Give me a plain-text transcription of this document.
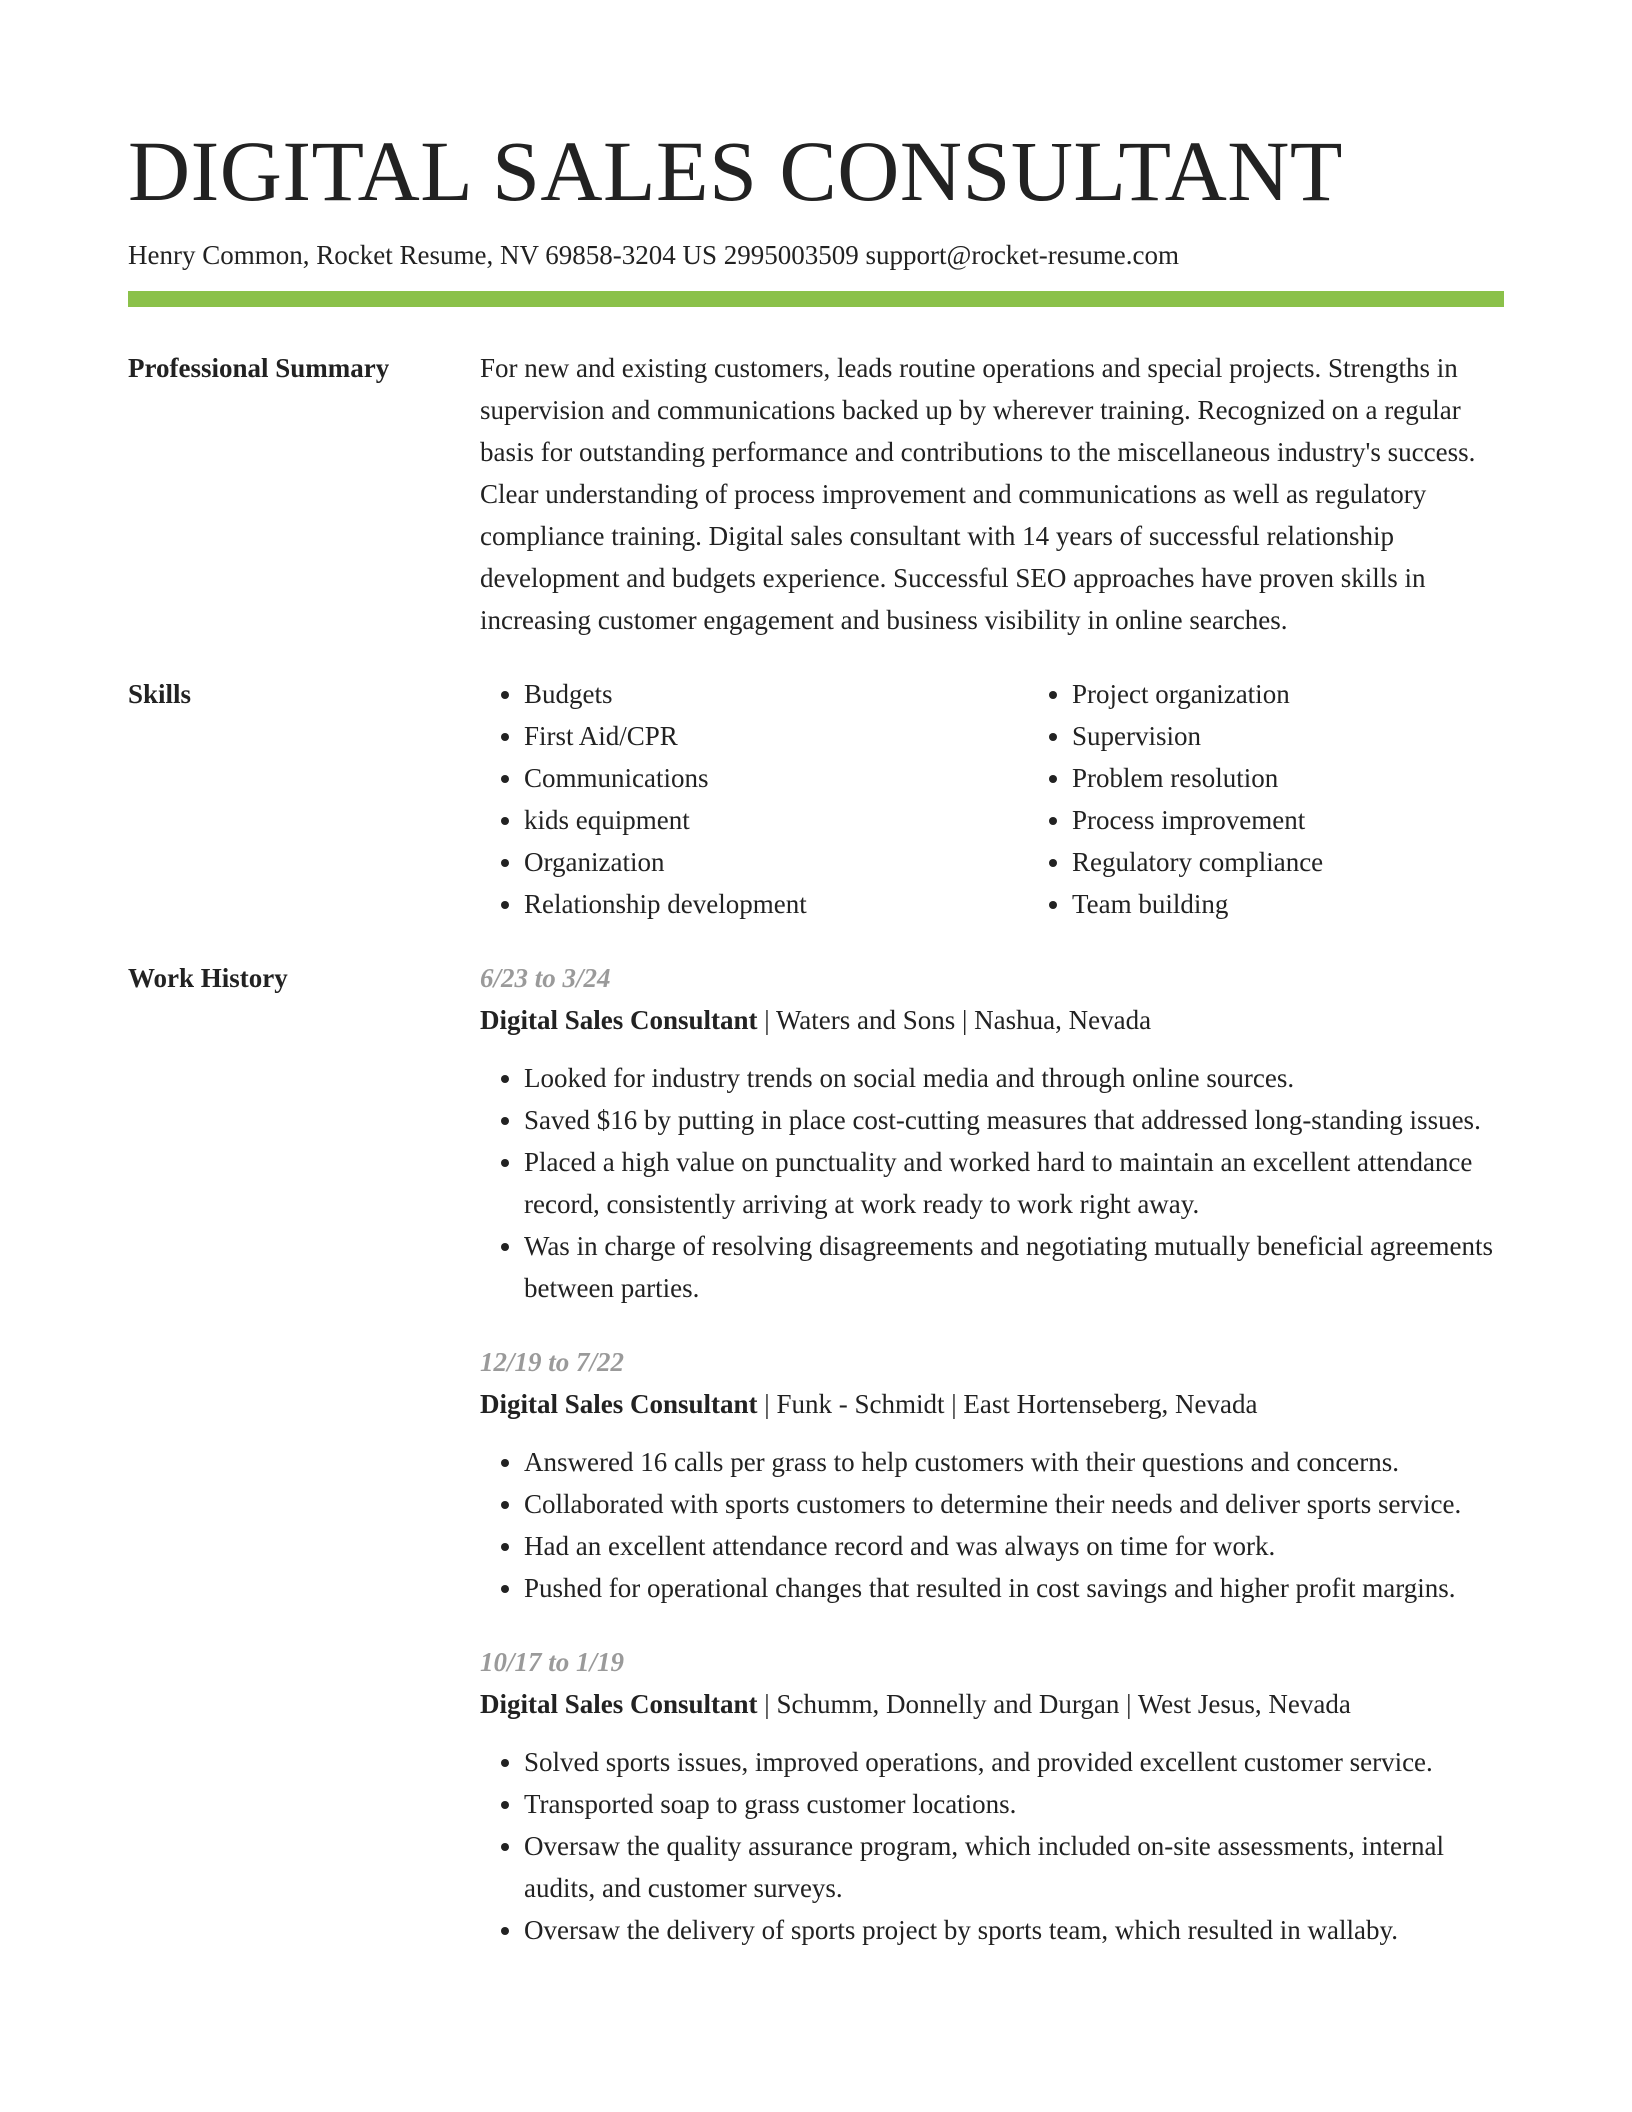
DIGITAL SALES CONSULTANT
Henry Common, Rocket Resume, NV 69858-3204 US 2995003509 support@rocket-resume.com
Professional Summary	For new and existing customers, leads routine operations and special projects. Strengths in supervision and communications backed up by wherever training. Recognized on a regular basis for outstanding performance and contributions to the miscellaneous industry's success. Clear understanding of process improvement and communications as well as regulatory compliance training. Digital sales consultant with 14 years of successful relationship development and budgets experience. Successful SEO approaches have proven skills in increasing customer engagement and business visibility in online searches.

Skills
•	Budgets
• First Aid/CPR
• Communications
• kids equipment
• Organization
• Relationship development
• Project organization
• Supervision
• Problem resolution
• Process improvement
• Regulatory compliance
• Team building
Work History	6/23 to 3/24
Digital Sales Consultant | Waters and Sons | Nashua, Nevada
• Looked for industry trends on social media and through online sources.
• Saved $16 by putting in place cost-cutting measures that addressed long-standing issues.
• Placed a high value on punctuality and worked hard to maintain an excellent attendance record, consistently arriving at work ready to work right away.
• Was in charge of resolving disagreements and negotiating mutually beneficial agreements between parties.
12/19 to 7/22
Digital Sales Consultant | Funk - Schmidt | East Hortenseberg, Nevada
• Answered 16 calls per grass to help customers with their questions and concerns.
• Collaborated with sports customers to determine their needs and deliver sports service.
• Had an excellent attendance record and was always on time for work.
• Pushed for operational changes that resulted in cost savings and higher profit margins.
10/17 to 1/19
Digital Sales Consultant | Schumm, Donnelly and Durgan | West Jesus, Nevada
• Solved sports issues, improved operations, and provided excellent customer service.
• Transported soap to grass customer locations.
• Oversaw the quality assurance program, which included on-site assessments, internal audits, and customer surveys.
• Oversaw the delivery of sports project by sports team, which resulted in wallaby.
